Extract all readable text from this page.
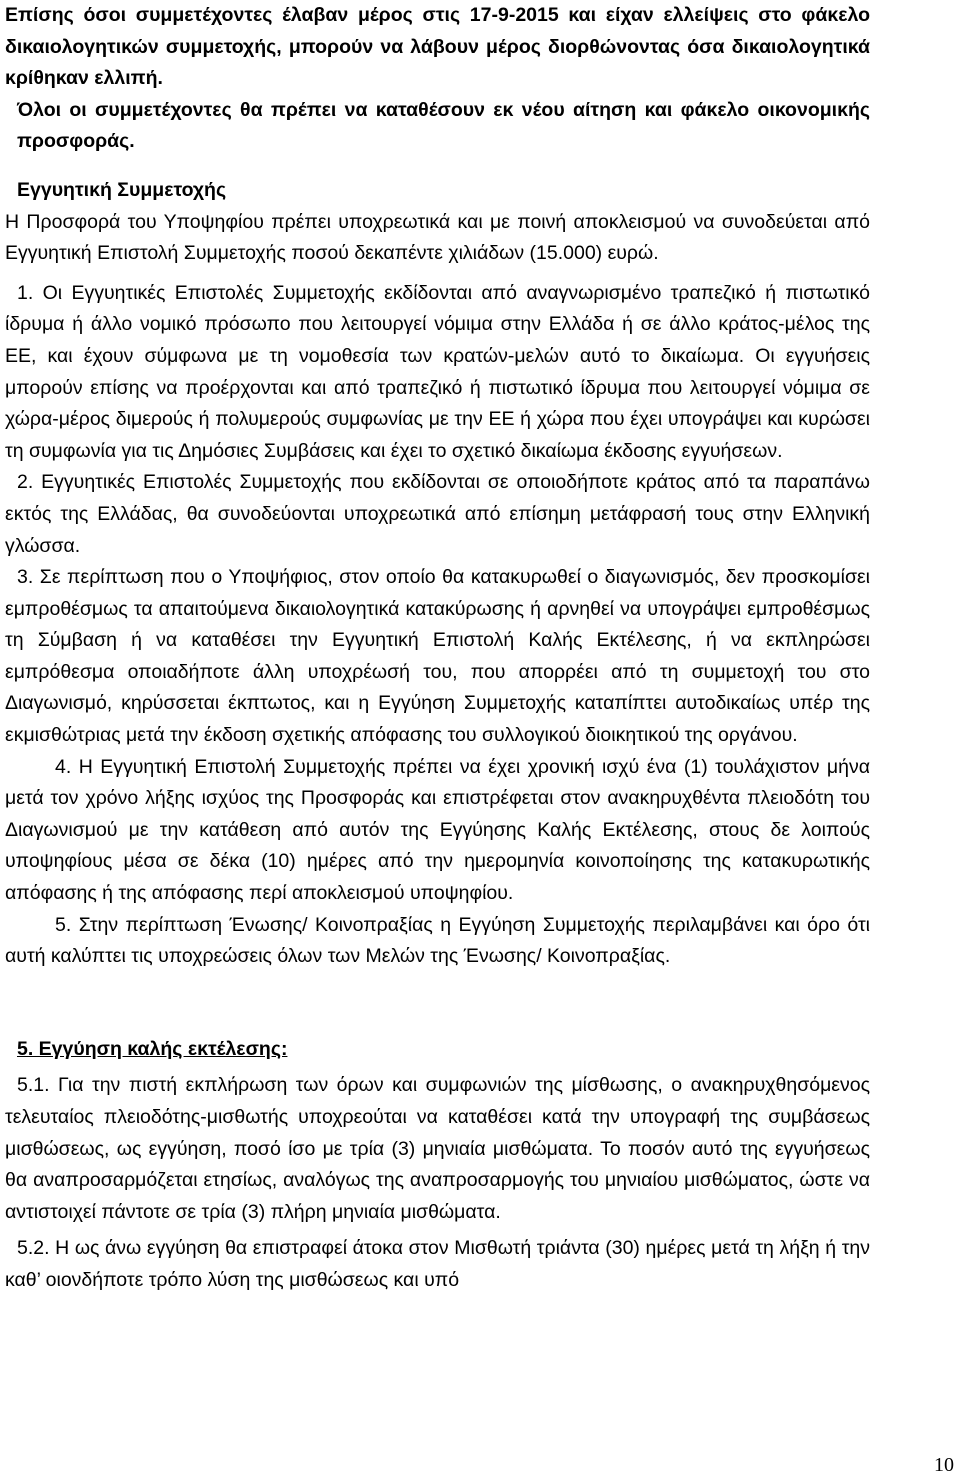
Επίσης όσοι συμμετέχοντες έλαβαν μέρος στις 17-9-2015 και είχαν ελλείψεις στο φάκελο δικαιολογητικών συμμετοχής, μπορούν να λάβουν μέρος διορθώνοντας όσα δικαιολογητικά κρίθηκαν ελλιπή.

Όλοι οι συμμετέχοντες θα πρέπει να καταθέσουν εκ νέου αίτηση και φάκελο οικονομικής προσφοράς.

Εγγυητική Συμμετοχής

Η Προσφορά του Υποψηφίου πρέπει υποχρεωτικά και με ποινή αποκλεισμού να συνοδεύεται από Εγγυητική Επιστολή Συμμετοχής ποσού δεκαπέντε χιλιάδων (15.000) ευρώ.

1. Οι Εγγυητικές Επιστολές Συμμετοχής εκδίδονται από αναγνωρισμένο τραπεζικό ή πιστωτικό ίδρυμα ή άλλο νομικό πρόσωπο που λειτουργεί νόμιμα στην Ελλάδα ή σε άλλο κράτος-μέλος της ΕΕ, και έχουν σύμφωνα με τη νομοθεσία των κρατών-μελών αυτό το δικαίωμα. Οι εγγυήσεις μπορούν επίσης να προέρχονται και από τραπεζικό ή πιστωτικό ίδρυμα που λειτουργεί νόμιμα σε χώρα-μέρος διμερούς ή πολυμερούς συμφωνίας με την ΕΕ ή χώρα που έχει υπογράψει και κυρώσει τη συμφωνία για τις Δημόσιες Συμβάσεις και έχει το σχετικό δικαίωμα έκδοσης εγγυήσεων.

2. Εγγυητικές Επιστολές Συμμετοχής που εκδίδονται σε οποιοδήποτε κράτος από τα παραπάνω εκτός της Ελλάδας, θα συνοδεύονται υποχρεωτικά από επίσημη μετάφρασή τους στην Ελληνική γλώσσα.

3. Σε περίπτωση που ο Υποψήφιος, στον οποίο θα κατακυρωθεί ο διαγωνισμός, δεν προσκομίσει εμπροθέσμως τα απαιτούμενα δικαιολογητικά κατακύρωσης ή αρνηθεί να υπογράψει εμπροθέσμως τη Σύμβαση ή να καταθέσει την Εγγυητική Επιστολή Καλής Εκτέλεσης, ή να εκπληρώσει εμπρόθεσμα οποιαδήποτε άλλη υποχρέωσή του, που απορρέει από τη συμμετοχή του στο Διαγωνισμό, κηρύσσεται έκπτωτος, και η Εγγύηση Συμμετοχής καταπίπτει αυτοδικαίως υπέρ της εκμισθώτριας μετά την έκδοση σχετικής απόφασης του συλλογικού διοικητικού της οργάνου.

4. Η Εγγυητική Επιστολή Συμμετοχής πρέπει να έχει χρονική ισχύ ένα (1) τουλάχιστον μήνα μετά τον χρόνο λήξης ισχύος της Προσφοράς και επιστρέφεται στον ανακηρυχθέντα πλειοδότη του Διαγωνισμού με την κατάθεση από αυτόν της Εγγύησης Καλής Εκτέλεσης, στους δε λοιπούς υποψηφίους μέσα σε δέκα (10) ημέρες από την ημερομηνία κοινοποίησης της κατακυρωτικής απόφασης ή της απόφασης περί αποκλεισμού υποψηφίου.

5. Στην περίπτωση Ένωσης/ Κοινοπραξίας η Εγγύηση Συμμετοχής περιλαμβάνει και όρο ότι αυτή καλύπτει τις υποχρεώσεις όλων των Μελών της Ένωσης/ Κοινοπραξίας.

5. Εγγύηση καλής εκτέλεσης:

5.1. Για την πιστή εκπλήρωση των όρων και συμφωνιών της μίσθωσης, ο ανακηρυχθησόμενος τελευταίος πλειοδότης-μισθωτής υποχρεούται να καταθέσει κατά την υπογραφή της συμβάσεως μισθώσεως, ως εγγύηση, ποσό ίσο με τρία (3) μηνιαία μισθώματα. Το ποσόν αυτό της εγγυήσεως θα αναπροσαρμόζεται ετησίως, αναλόγως της αναπροσαρμογής του μηνιαίου μισθώματος, ώστε να αντιστοιχεί πάντοτε σε τρία (3) πλήρη μηνιαία μισθώματα.

5.2. Η ως άνω εγγύηση θα επιστραφεί άτοκα στον Μισθωτή τριάντα (30) ημέρες μετά τη λήξη ή την καθ’ οιονδήποτε τρόπο λύση της μισθώσεως και υπό

10
